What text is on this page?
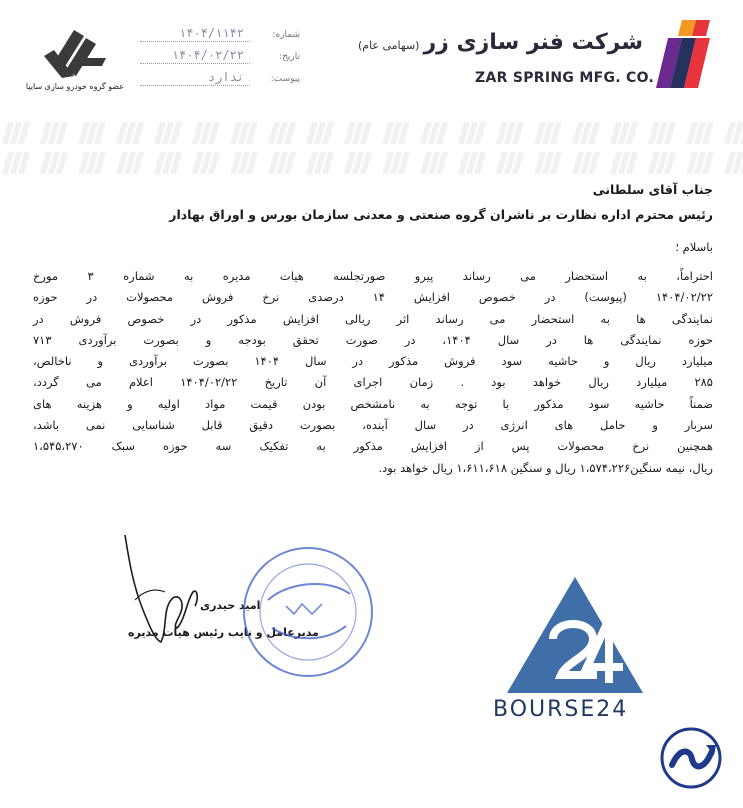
شرکت فنر سازی زر(سهامی عام)
ZAR SPRING MFG. CO.
عضو گروه خودرو سازی سایپا
شماره:
۱۴۰۴/۱۱۴۲
تاریخ:
۱۴۰۴/۰۲/۲۲
پیوست:
ندارد
جناب آقای سلطانی
رئیس محترم اداره نظارت بر ناشران گروه صنعتی و معدنی سازمان بورس و اوراق بهادار
باسلام ؛
احتراماً، به استحضار می رساند پیرو صورتجلسه هیات مدیره به شماره ۳ مورخ
۱۴۰۴/۰۲/۲۲ (پیوست) در خصوص افزایش ۱۴ درصدی نرخ فروش محصولات در حوزه
نمایندگی ها به استحضار می رساند اثر ریالی افزایش مذکور در خصوص فروش در
حوزه نمایندگی ها در سال ۱۴۰۴، در صورت تحقق بودجه و بصورت برآوردی ۷۱۳
میلیارد ریال و حاشیه سود فروش مذکور در سال ۱۴۰۴ بصورت برآوردی و ناخالص،
۲۸۵ میلیارد ریال خواهد بود . زمان اجرای آن تاریخ ۱۴۰۴/۰۲/۲۲ اعلام می گردد،
ضمناً حاشیه سود مذکور با توجه به نامشخص بودن قیمت مواد اولیه و هزینه های
سربار و حامل های انرژی در سال آینده، بصورت دقیق قابل شناسایی نمی باشد،
همچنین نرخ محصولات پس از افزایش مذکور به تفکیک سه حوزه سبک ۱،۵۴۵،۲۷۰
ریال، نیمه سنگین۱،۵۷۴،۲۲۶ ریال و سنگین ۱،۶۱۱،۶۱۸ ریال خواهد بود.
امید حیدری
مدیرعامل و نایب رئیس هیات مدیره
BOURSE24
